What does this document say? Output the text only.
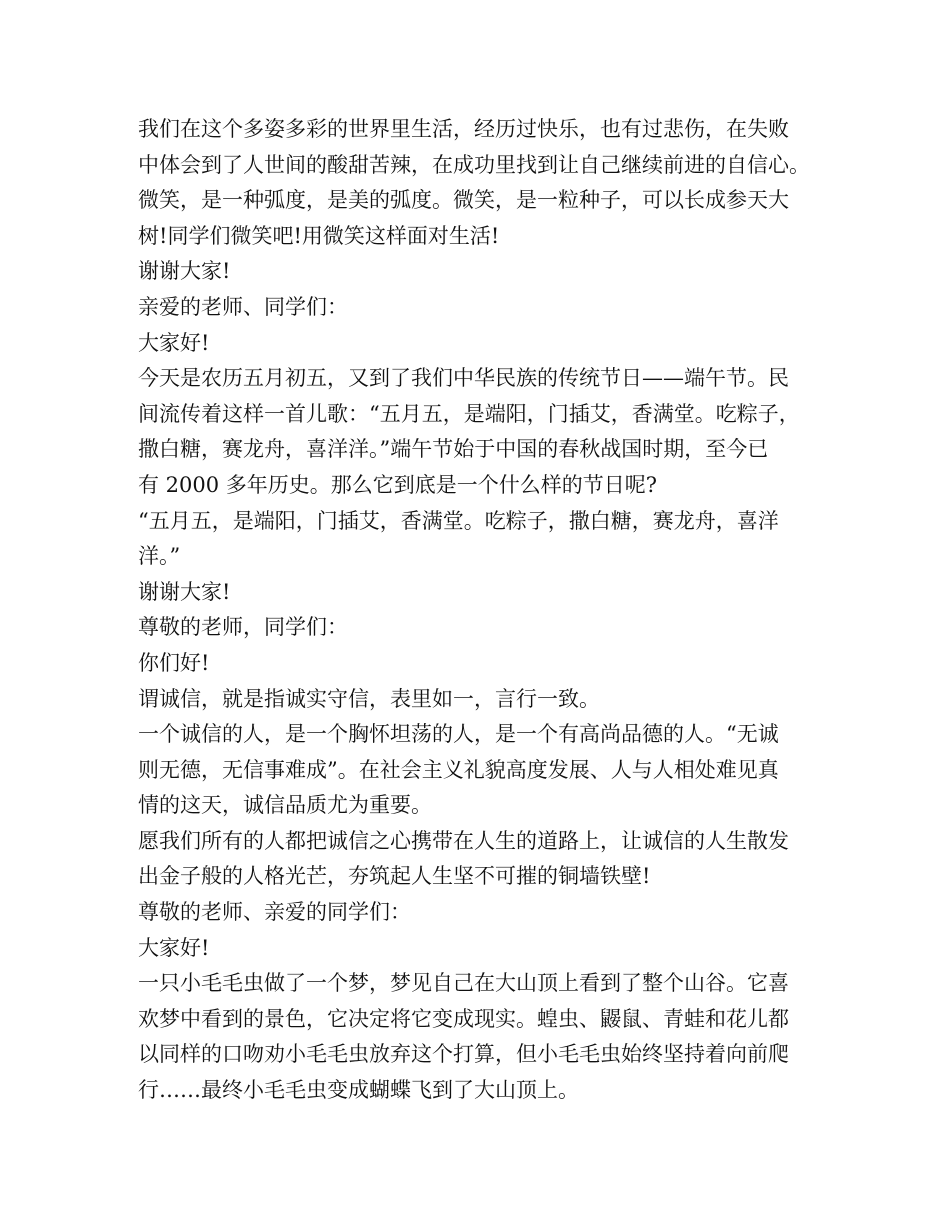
我们在这个多姿多彩的世界里生活，经历过快乐，也有过悲伤，在失败
中体会到了人世间的酸甜苦辣，在成功里找到让自己继续前进的自信心。
微笑，是一种弧度，是美的弧度。微笑，是一粒种子，可以长成参天大
树!同学们微笑吧!用微笑这样面对生活!
谢谢大家!
亲爱的老师、同学们：
大家好!
今天是农历五月初五，又到了我们中华民族的传统节日——端午节。民
间流传着这样一首儿歌：“五月五，是端阳，门插艾，香满堂。吃粽子，
撒白糖，赛龙舟，喜洋洋。”端午节始于中国的春秋战国时期，至今已
有 2000 多年历史。那么它到底是一个什么样的节日呢?
“五月五，是端阳，门插艾，香满堂。吃粽子，撒白糖，赛龙舟，喜洋
洋。”
谢谢大家!
尊敬的老师，同学们：
你们好!
谓诚信，就是指诚实守信，表里如一，言行一致。
一个诚信的人，是一个胸怀坦荡的人，是一个有高尚品德的人。“无诚
则无德，无信事难成”。在社会主义礼貌高度发展、人与人相处难见真
情的这天，诚信品质尤为重要。
愿我们所有的人都把诚信之心携带在人生的道路上，让诚信的人生散发
出金子般的人格光芒，夯筑起人生坚不可摧的铜墙铁壁!
尊敬的老师、亲爱的同学们：
大家好!
一只小毛毛虫做了一个梦，梦见自己在大山顶上看到了整个山谷。它喜
欢梦中看到的景色，它决定将它变成现实。蝗虫、鼹鼠、青蛙和花儿都
以同样的口吻劝小毛毛虫放弃这个打算，但小毛毛虫始终坚持着向前爬
行……最终小毛毛虫变成蝴蝶飞到了大山顶上。
